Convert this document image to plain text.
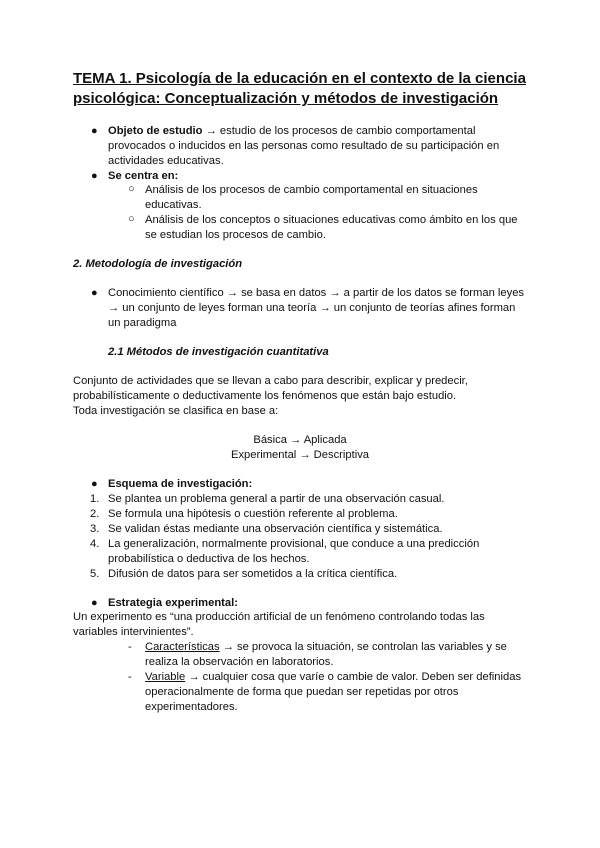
TEMA 1. Psicología de la educación en el contexto de la ciencia

psicológica: Conceptualización y métodos de investigación

● Objeto de estudio → estudio de los procesos de cambio comportamental
provocados o inducidos en las personas como resultado de su participación en
actividades educativas.
● Se centra en:
○ Análisis de los procesos de cambio comportamental en situaciones
educativas.
○ Análisis de los conceptos o situaciones educativas como ámbito en los que
se estudian los procesos de cambio.
2. Metodología de investigación
● Conocimiento científico → se basa en datos → a partir de los datos se forman leyes
→ un conjunto de leyes forman una teoría → un conjunto de teorías afines forman
un paradigma
2.1 Métodos de investigación cuantitativa
Conjunto de actividades que se llevan a cabo para describir, explicar y predecir,
probabilísticamente o deductivamente los fenómenos que están bajo estudio.
Toda investigación se clasifica en base a:
Básica → Aplicada
Experimental → Descriptiva
● Esquema de investigación:
1. Se plantea un problema general a partir de una observación casual.
2. Se formula una hipótesis o cuestión referente al problema.
3. Se validan éstas mediante una observación científica y sistemática.
4. La generalización, normalmente provisional, que conduce a una predicción
probabilística o deductiva de los hechos.
5. Difusión de datos para ser sometidos a la crítica científica.
● Estrategia experimental:
Un experimento es “una producción artificial de un fenómeno controlando todas las
variables intervinientes”.
- Características → se provoca la situación, se controlan las variables y se
realiza la observación en laboratorios.
- Variable → cualquier cosa que varíe o cambie de valor. Deben ser definidas
operacionalmente de forma que puedan ser repetidas por otros
experimentadores.
